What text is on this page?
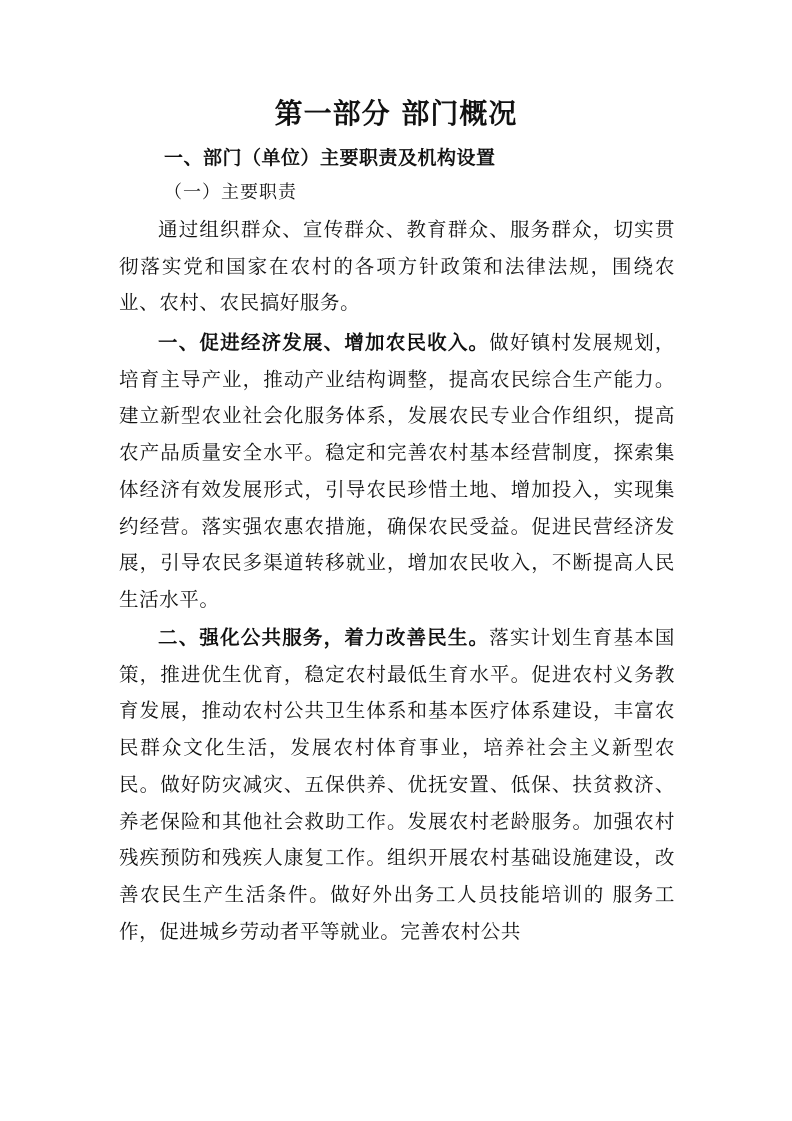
第一部分 部门概况
一、部门（单位）主要职责及机构设置
（一）主要职责

通过组织群众、宣传群众、教育群众、服务群众，切实贯彻落实党和国家在农村的各项方针政策和法律法规，围绕农业、农村、农民搞好服务。

一、促进经济发展、增加农民收入。做好镇村发展规划，培育主导产业，推动产业结构调整，提高农民综合生产能力。建立新型农业社会化服务体系，发展农民专业合作组织，提高农产品质量安全水平。稳定和完善农村基本经营制度，探索集体经济有效发展形式，引导农民珍惜土地、增加投入，实现集约经营。落实强农惠农措施，确保农民受益。促进民营经济发展，引导农民多渠道转移就业，增加农民收入，不断提高人民生活水平。

二、强化公共服务，着力改善民生。落实计划生育基本国策，推进优生优育，稳定农村最低生育水平。促进农村义务教育发展，推动农村公共卫生体系和基本医疗体系建设，丰富农民群众文化生活，发展农村体育事业，培养社会主义新型农民。做好防灾减灾、五保供养、优抚安置、低保、扶贫救济、养老保险和其他社会救助工作。发展农村老龄服务。加强农村残疾预防和残疾人康复工作。组织开展农村基础设施建设，改善农民生产生活条件。做好外出务工人员技能培训的 服务工作，促进城乡劳动者平等就业。完善农村公共
